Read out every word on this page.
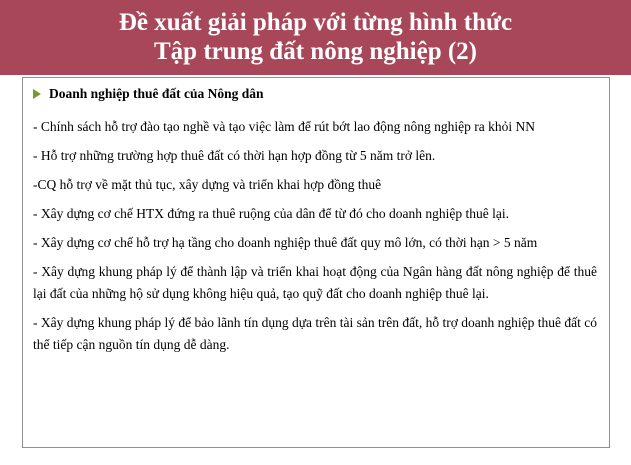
Đề xuất giải pháp với từng hình thức
Tập trung đất nông nghiệp (2)
Doanh nghiệp thuê đất của Nông dân

- Chính sách hỗ trợ đào tạo nghề và tạo việc làm để rút bớt lao động nông nghiệp ra khỏi NN

- Hỗ trợ những trường hợp thuê đất có thời hạn hợp đồng từ 5 năm trở lên.

-CQ hỗ trợ về mặt thủ tục, xây dựng và triển khai hợp đồng thuê

- Xây dựng cơ chế HTX đứng ra thuê ruộng của dân để từ đó cho doanh nghiệp thuê lại.

- Xây dựng cơ chế hỗ trợ hạ tầng cho doanh nghiệp thuê đất quy mô lớn, có thời hạn > 5 năm

- Xây dựng khung pháp lý để thành lập và triển khai hoạt động của Ngân hàng đất nông nghiệp để thuê lại đất của những hộ sử dụng không hiệu quả, tạo quỹ đất cho doanh nghiệp thuê lại.

- Xây dựng khung pháp lý để bảo lãnh tín dụng dựa trên tài sản trên đất, hỗ trợ doanh nghiệp thuê đất có thể tiếp cận nguồn tín dụng dễ dàng.
